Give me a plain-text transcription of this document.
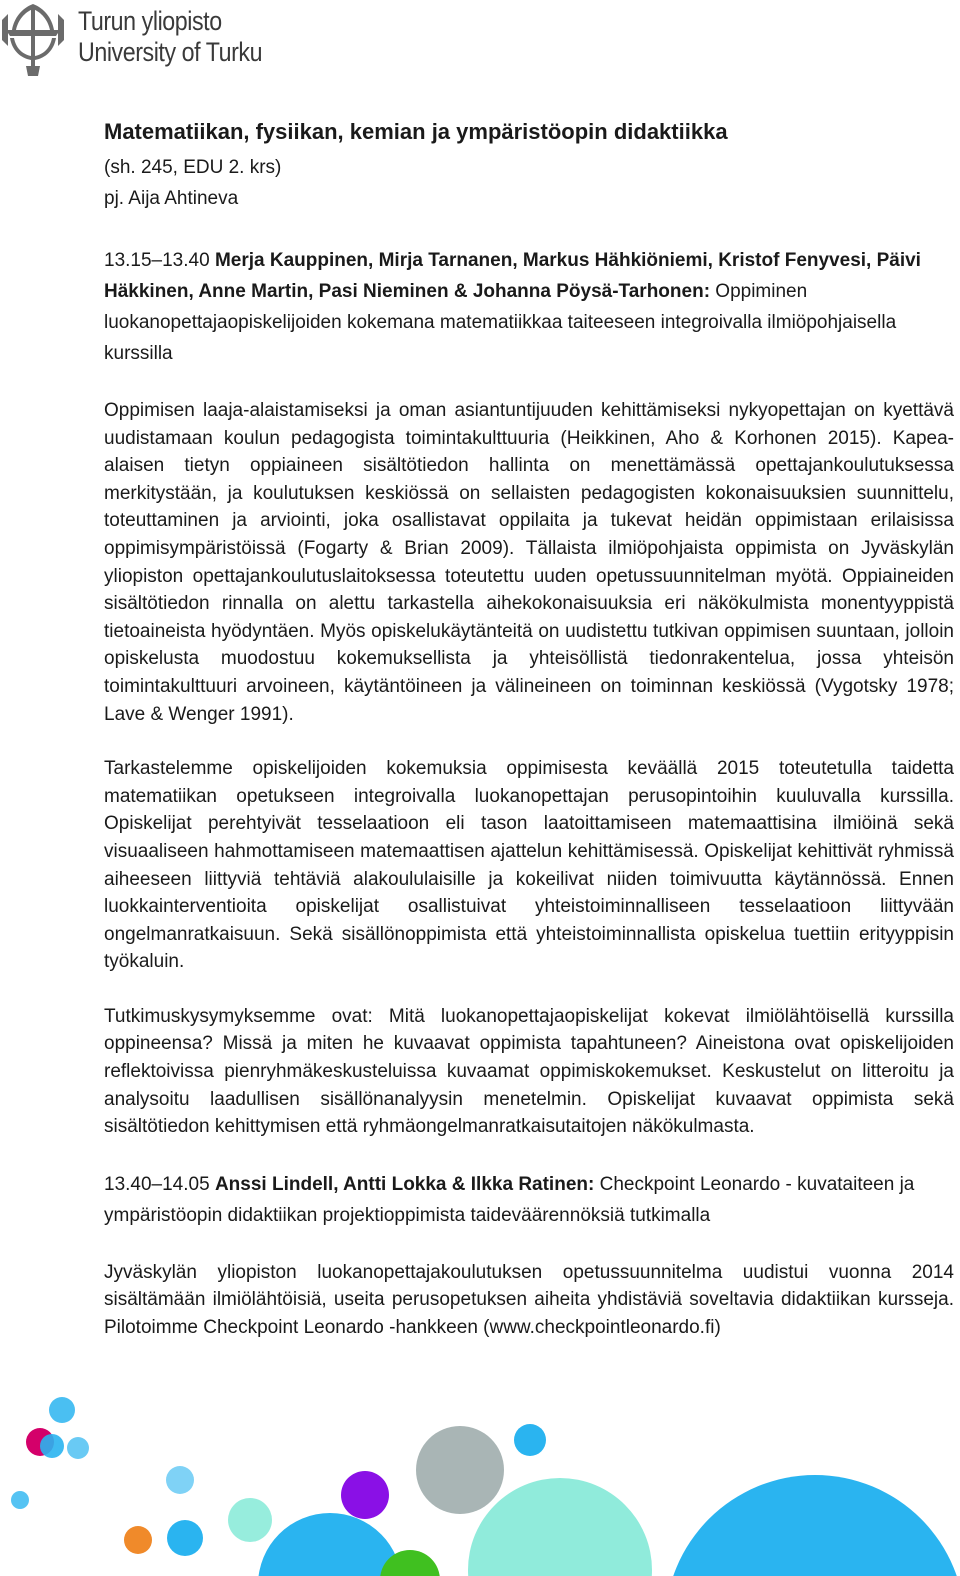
Turun yliopisto
University of Turku
Matematiikan, fysiikan, kemian ja ympäristöopin didaktiikka
(sh. 245, EDU 2. krs)
pj. Aija Ahtineva
13.15–13.40 Merja Kauppinen, Mirja Tarnanen, Markus Hähkiöniemi, Kristof Fenyvesi, Päivi Häkkinen, Anne Martin, Pasi Nieminen & Johanna Pöysä-Tarhonen: Oppiminen luokanopettajaopiskelijoiden kokemana matematiikkaa taiteeseen integroivalla ilmiöpohjaisella kurssilla

Oppimisen laaja-alaistamiseksi ja oman asiantuntijuuden kehittämiseksi nykyopettajan on kyettävä uudistamaan koulun pedagogista toimintakulttuuria (Heikkinen, Aho & Korhonen 2015). Kapea-alaisen tietyn oppiaineen sisältötiedon hallinta on menettämässä opettajankoulutuksessa merkitystään, ja koulutuksen keskiössä on sellaisten pedagogisten kokonaisuuksien suunnittelu, toteuttaminen ja arviointi, joka osallistavat oppilaita ja tukevat heidän oppimistaan erilaisissa oppimisympäristöissä (Fogarty & Brian 2009). Tällaista ilmiöpohjaista oppimista on Jyväskylän yliopiston opettajankoulutuslaitoksessa toteutettu uuden opetussuunnitelman myötä. Oppiaineiden sisältötiedon rinnalla on alettu tarkastella aihekokonaisuuksia eri näkökulmista monentyyppistä tietoaineista hyödyntäen. Myös opiskelukäytänteitä on uudistettu tutkivan oppimisen suuntaan, jolloin opiskelusta muodostuu kokemuksellista ja yhteisöllistä tiedonrakentelua, jossa yhteisön toimintakulttuuri arvoineen, käytäntöineen ja välineineen on toiminnan keskiössä (Vygotsky 1978; Lave & Wenger 1991).

Tarkastelemme opiskelijoiden kokemuksia oppimisesta keväällä 2015 toteutetulla taidetta matematiikan opetukseen integroivalla luokanopettajan perusopintoihin kuuluvalla kurssilla. Opiskelijat perehtyivät tesselaatioon eli tason laatoittamiseen matemaattisina ilmiöinä sekä visuaaliseen hahmottamiseen matemaattisen ajattelun kehittämisessä. Opiskelijat kehittivät ryhmissä aiheeseen liittyviä tehtäviä alakoululaisille ja kokeilivat niiden toimivuutta käytännössä. Ennen luokkainterventioita opiskelijat osallistuivat yhteistoiminnalliseen tesselaatioon liittyvään ongelmanratkaisuun. Sekä sisällönoppimista että yhteistoiminnallista opiskelua tuettiin erityyppisin työkaluin.

Tutkimuskysymyksemme ovat: Mitä luokanopettajaopiskelijat kokevat ilmiölähtöisellä kurssilla oppineensa? Missä ja miten he kuvaavat oppimista tapahtuneen? Aineistona ovat opiskelijoiden reflektoivissa pienryhmäkeskusteluissa kuvaamat oppimiskokemukset. Keskustelut on litteroitu ja analysoitu laadullisen sisällönanalyysin menetelmin. Opiskelijat kuvaavat oppimista sekä sisältötiedon kehittymisen että ryhmäongelmanratkaisutaitojen näkökulmasta.

13.40–14.05 Anssi Lindell, Antti Lokka & Ilkka Ratinen: Checkpoint Leonardo - kuvataiteen ja ympäristöopin didaktiikan projektioppimista taideväärennöksiä tutkimalla

Jyväskylän yliopiston luokanopettajakoulutuksen opetussuunnitelma uudistui vuonna 2014 sisältämään ilmiölähtöisiä, useita perusopetuksen aiheita yhdistäviä soveltavia didaktiikan kursseja. Pilotoimme Checkpoint Leonardo -hankkeen (www.checkpointleonardo.fi)
